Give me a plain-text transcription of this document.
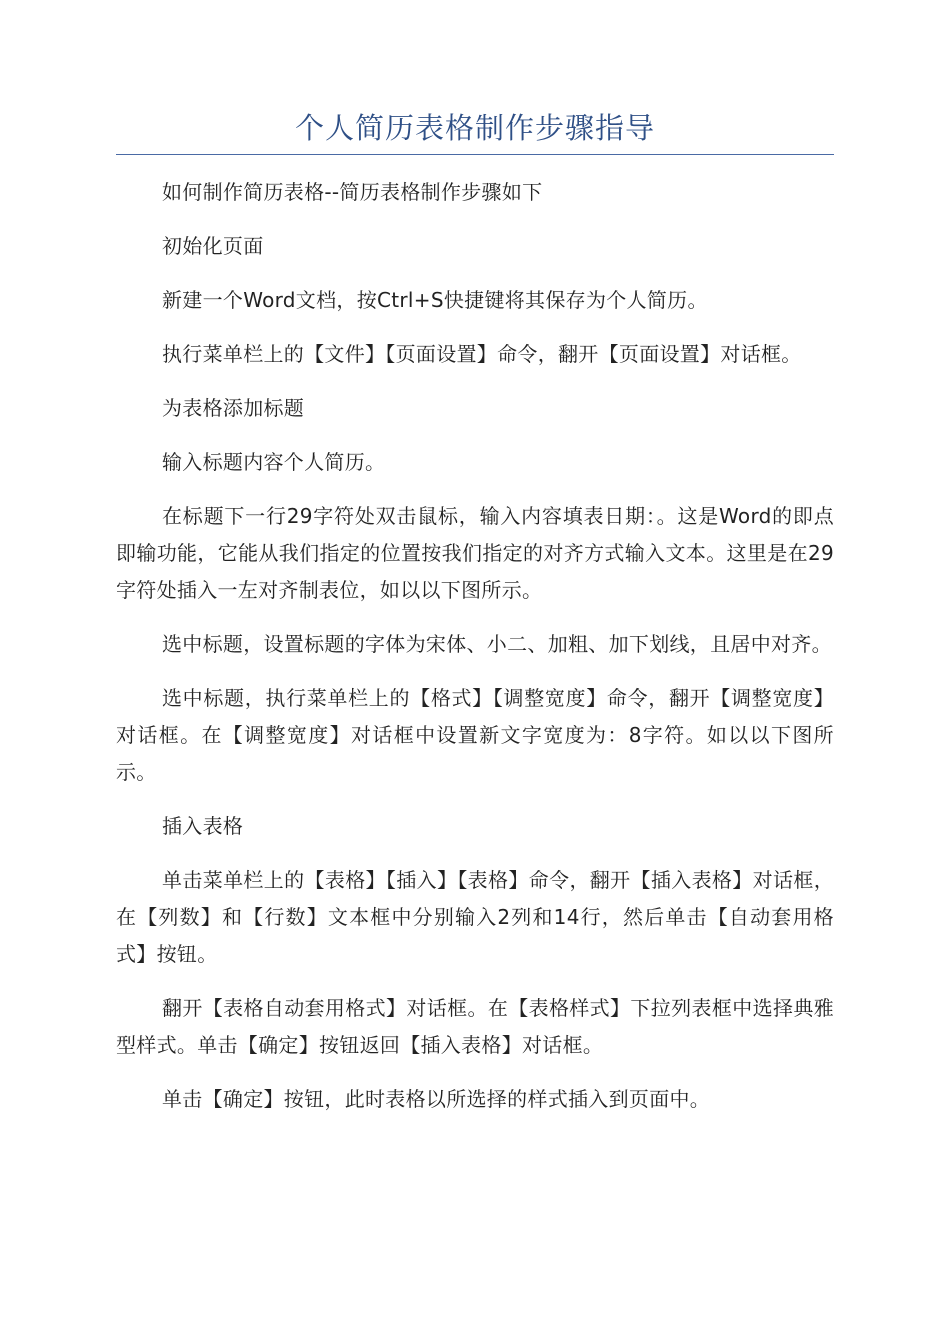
个人简历表格制作步骤指导

如何制作简历表格--简历表格制作步骤如下

初始化页面

新建一个Word文档，按Ctrl+S快捷键将其保存为个人简历。

执行菜单栏上的【文件】【页面设置】命令，翻开【页面设置】对话框。

为表格添加标题

输入标题内容个人简历。

在标题下一行29字符处双击鼠标，输入内容填表日期：。这是Word的即点即输功能，它能从我们指定的位置按我们指定的对齐方式输入文本。这里是在29字符处插入一左对齐制表位，如以以下图所示。

选中标题，设置标题的字体为宋体、小二、加粗、加下划线，且居中对齐。

选中标题，执行菜单栏上的【格式】【调整宽度】命令，翻开【调整宽度】对话框。在【调整宽度】对话框中设置新文字宽度为：8字符。如以以下图所示。

插入表格

单击菜单栏上的【表格】【插入】【表格】命令，翻开【插入表格】对话框，在【列数】和【行数】文本框中分别输入2列和14行，然后单击【自动套用格式】按钮。

翻开【表格自动套用格式】对话框。在【表格样式】下拉列表框中选择典雅型样式。单击【确定】按钮返回【插入表格】对话框。

单击【确定】按钮，此时表格以所选择的样式插入到页面中。
